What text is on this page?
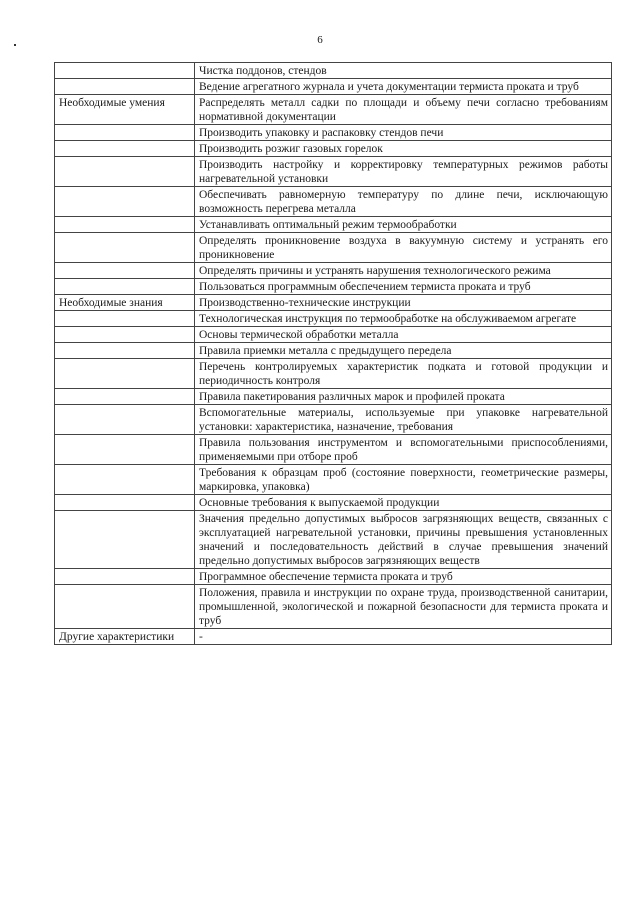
6
	Чистка поддонов, стендов
	Ведение агрегатного журнала и учета документации термиста проката и труб
Необходимые умения	Распределять металл садки по площади и объему печи согласно требованиям нормативной документации
	Производить упаковку и распаковку стендов печи
	Производить розжиг газовых горелок
	Производить настройку и корректировку температурных режимов работы нагревательной установки
	Обеспечивать равномерную температуру по длине печи, исключающую возможность перегрева металла
	Устанавливать оптимальный режим термообработки
	Определять проникновение воздуха в вакуумную систему и устранять его проникновение
	Определять причины и устранять нарушения технологического режима
	Пользоваться программным обеспечением термиста проката и труб
Необходимые знания	Производственно-технические инструкции
	Технологическая инструкция по термообработке на обслуживаемом агрегате
	Основы термической обработки металла
	Правила приемки металла с предыдущего передела
	Перечень контролируемых характеристик подката и готовой продукции и периодичность контроля
	Правила пакетирования различных марок и профилей проката
	Вспомогательные материалы, используемые при упаковке нагревательной установки: характеристика, назначение, требования
	Правила пользования инструментом и вспомогательными приспособлениями, применяемыми при отборе проб
	Требования к образцам проб (состояние поверхности, геометрические размеры, маркировка, упаковка)
	Основные требования к выпускаемой продукции
	Значения предельно допустимых выбросов загрязняющих веществ, связанных с эксплуатацией нагревательной установки, причины превышения установленных значений и последовательность действий в случае превышения значений предельно допустимых выбросов загрязняющих веществ
	Программное обеспечение термиста проката и труб
	Положения, правила и инструкции по охране труда, производственной санитарии, промышленной, экологической и пожарной безопасности для термиста проката и труб
Другие характеристики	-
